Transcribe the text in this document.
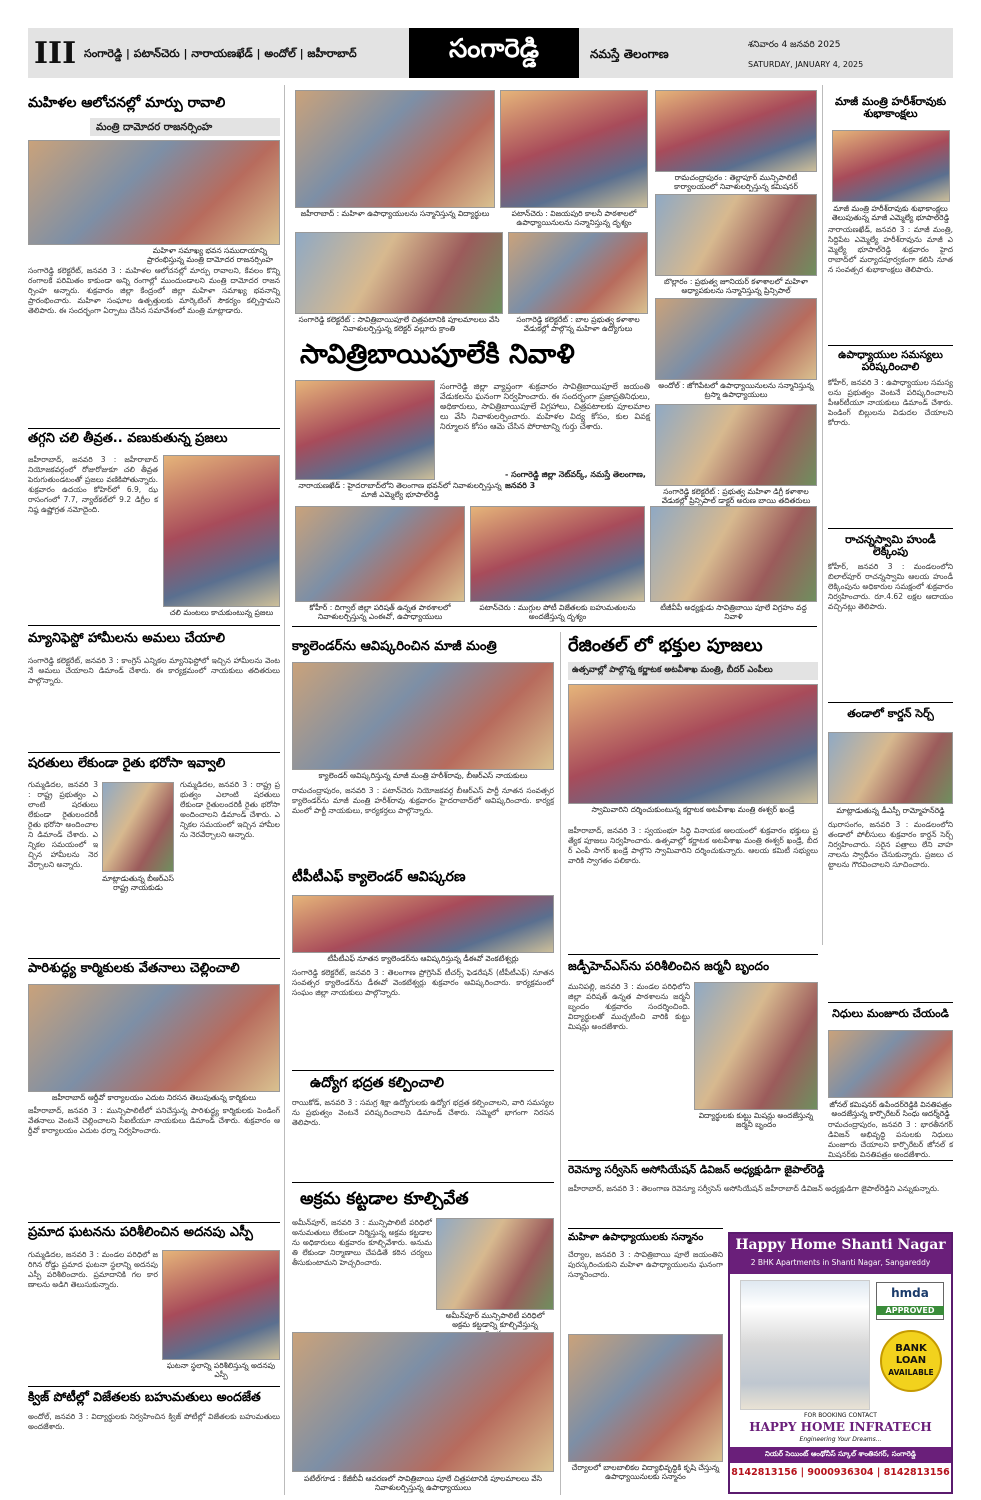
III సంగారెడ్డి | పటాన్‌చెరు | నారాయణఖేడ్ | అందోల్ | జహీరాబాద్	సంగారెడ్డి	నమస్తే తెలంగాణ
శనివారం 4 జనవరి 2025
SATURDAY, JANUARY 4, 2025
మహిళల ఆలోచనల్లో మార్పు రావాలి
మంత్రి దామోదర రాజనర్సింహ
మహిళా సమాఖ్య భవన సముదాయాన్ని ప్రారంభిస్తున్న మంత్రి దామోదర రాజనర్సింహ
సంగారెడ్డి కలెక్టరేట్, జనవరి 3 : మహిళల ఆలోచనల్లో మార్పు రావాలని, కేవలం కొన్ని రంగాలకే పరిమితం కాకుండా అన్ని రంగాల్లో ముందుండాలని మంత్రి దామోదర రాజనర్సింహ అన్నారు. శుక్రవారం జిల్లా కేంద్రంలో జిల్లా మహిళా సమాఖ్య భవనాన్ని ప్రారంభించారు. మహిళా సంఘాల ఉత్పత్తులకు మార్కెటింగ్ సౌకర్యం కల్పిస్తామని తెలిపారు. ఈ సందర్భంగా ఏర్పాటు చేసిన సమావేశంలో మంత్రి మాట్లాడారు.
తగ్గని చలి తీవ్రత.. వణుకుతున్న ప్రజలు
జహీరాబాద్, జనవరి 3 : జహీరాబాద్ నియోజకవర్గంలో రోజురోజుకూ చలి తీవ్రత పెరుగుతుండటంతో ప్రజలు వణికిపోతున్నారు. శుక్రవారం ఉదయం కోహిర్‌లో 6.9, ఝరాసంగంలో 7.7, న్యాల్‌కల్‌లో 9.2 డిగ్రీల కనిష్ఠ ఉష్ణోగ్రత నమోదైంది.
చలి మంటలు కాచుకుంటున్న ప్రజలు
మ్యానిఫెస్టో హామీలను అమలు చేయాలి
సంగారెడ్డి కలెక్టరేట్, జనవరి 3 : కాంగ్రెస్ ఎన్నికల మ్యానిఫెస్టోలో ఇచ్చిన హామీలను వెంటనే అమలు చేయాలని డిమాండ్ చేశారు. ఈ కార్యక్రమంలో నాయకులు తదితరులు పాల్గొన్నారు.
షరతులు లేకుండా రైతు భరోసా ఇవ్వాలి
గుమ్మడిదల, జనవరి 3 : రాష్ట్ర ప్రభుత్వం ఎలాంటి షరతులు లేకుండా రైతులందరికీ రైతు భరోసా అందించాలని డిమాండ్ చేశారు. ఎన్నికల సమయంలో ఇచ్చిన హామీలను నెరవేర్చాలని అన్నారు.
మాట్లాడుతున్న బీఆర్‌ఎస్ రాష్ట్ర నాయకుడు
గుమ్మడిదల, జనవరి 3 : రాష్ట్ర ప్రభుత్వం ఎలాంటి షరతులు లేకుండా రైతులందరికీ రైతు భరోసా అందించాలని డిమాండ్ చేశారు. ఎన్నికల సమయంలో ఇచ్చిన హామీలను నెరవేర్చాలని అన్నారు.
పారిశుద్ధ్య కార్మికులకు వేతనాలు చెల్లించాలి
జహీరాబాద్ ఆర్డీవో కార్యాలయం ఎదుట నిరసన తెలుపుతున్న కార్మికులు
జహీరాబాద్, జనవరి 3 : మున్సిపాలిటీలో పనిచేస్తున్న పారిశుద్ధ్య కార్మికులకు పెండింగ్ వేతనాలు వెంటనే చెల్లించాలని సీఐటీయూ నాయకులు డిమాండ్ చేశారు. శుక్రవారం ఆర్డీవో కార్యాలయం ఎదుట ధర్నా నిర్వహించారు.
ప్రమాద ఘటనను పరిశీలించిన అదనపు ఎస్పీ
గుమ్మడిదల, జనవరి 3 : మండల పరిధిలో జరిగిన రోడ్డు ప్రమాద ఘటనా స్థలాన్ని అదనపు ఎస్పీ పరిశీలించారు. ప్రమాదానికి గల కారణాలను అడిగి తెలుసుకున్నారు.
ఘటనా స్థలాన్ని పరిశీలిస్తున్న అదనపు ఎస్పీ
క్విజ్ పోటీల్లో విజేతలకు బహుమతులు అందజేత
అందోల్, జనవరి 3 : విద్యార్థులకు నిర్వహించిన క్విజ్ పోటీల్లో విజేతలకు బహుమతులు అందజేశారు.
జహీరాబాద్ : మహిళా ఉపాధ్యాయులను సన్మానిస్తున్న విద్యార్థులు	పటాన్‌చెరు : విజయపురి కాలనీ పాఠశాలలో ఉపాధ్యాయినులను సన్మానిస్తున్న దృశ్యం
సంగారెడ్డి కలెక్టరేట్ : సావిత్రిబాయిపూలే చిత్రపటానికి పూలమాలలు వేసి నివాళులర్పిస్తున్న కలెక్టర్ వల్లూరు క్రాంతి
సంగారెడ్డి కలెక్టరేట్ : బాల ప్రభుత్వ కళాశాల వేడుకల్లో పాల్గొన్న మహిళా ఉద్యోగులు
రామచంద్రాపురం : తెల్లాపూర్ మున్సిపాలిటీ కార్యాలయంలో నివాళులర్పిస్తున్న కమిషనర్
బొల్లారం : ప్రభుత్వ జూనియర్ కళాశాలలో మహిళా అధ్యాపకులను సన్మానిస్తున్న ప్రిన్సిపాల్
అందోల్ : జోగిపేటలో ఉపాధ్యాయినులను సన్మానిస్తున్న ట్రస్మా ఉపాధ్యాయులు
సావిత్రిబాయిపూలేకి నివాళి
సంగారెడ్డి జిల్లా వ్యాప్తంగా శుక్రవారం సావిత్రిబాయిపూలే జయంతి వేడుకలను ఘనంగా నిర్వహించారు. ఈ సందర్భంగా ప్రజాప్రతినిధులు, అధికారులు, సావిత్రిబాయిపూలే విగ్రహాలు, చిత్రపటాలకు పూలమాలలు వేసి నివాళులర్పించారు. మహిళల విద్య కోసం, కుల వివక్ష నిర్మూలన కోసం ఆమె చేసిన పోరాటాన్ని గుర్తు చేశారు.
- సంగారెడ్డి జిల్లా నెట్‌వర్క్, నమస్తే తెలంగాణ, జనవరి 3
నారాయణఖేడ్ : హైదరాబాద్‌లోని తెలంగాణ భవన్‌లో నివాళులర్పిస్తున్న మాజీ ఎమ్మెల్యే భూపాల్‌రెడ్డి	సంగారెడ్డి కలెక్టరేట్ : ప్రభుత్వ మహిళా డిగ్రీ కళాశాల వేడుకల్లో ప్రిన్సిపాల్ డాక్టర్ అరుణ బాయి తదితరులు
కోహీర్ : దిగ్వాల్ జిల్లా పరిషత్ ఉన్నత పాఠశాలలో నివాళులర్పిస్తున్న ఎంఈవో, ఉపాధ్యాయులు
పటాన్‌చెరు : ముగ్గుల పోటీ విజేతలకు బహుమతులను అందజేస్తున్న దృశ్యం
టీజీవీపీ అధ్యక్షుడు సావిత్రిబాయి పూలే విగ్రహం వద్ద నివాళి
క్యాలెండర్‌ను ఆవిష్కరించిన మాజీ మంత్రి
క్యాలెండర్ ఆవిష్కరిస్తున్న మాజీ మంత్రి హరీశ్‌రావు, బీఆర్‌ఎస్ నాయకులు
రామచంద్రాపురం, జనవరి 3 : పటాన్‌చెరు నియోజకవర్గ బీఆర్‌ఎస్ పార్టీ నూతన సంవత్సర క్యాలెండర్‌ను మాజీ మంత్రి హరీశ్‌రావు శుక్రవారం హైదరాబాద్‌లో ఆవిష్కరించారు. కార్యక్రమంలో పార్టీ నాయకులు, కార్యకర్తలు పాల్గొన్నారు.
టీపీటీఎఫ్ క్యాలెండర్ ఆవిష్కరణ
టీపీటీఎఫ్ నూతన క్యాలెండర్‌ను ఆవిష్కరిస్తున్న డీఈవో వెంకటేశ్వర్లు
సంగారెడ్డి కలెక్టరేట్, జనవరి 3 : తెలంగాణ ప్రోగ్రెసివ్ టీచర్స్ ఫెడరేషన్ (టీపీటీఎఫ్) నూతన సంవత్సర క్యాలెండర్‌ను డీఈవో వెంకటేశ్వర్లు శుక్రవారం ఆవిష్కరించారు. కార్యక్రమంలో సంఘం జిల్లా నాయకులు పాల్గొన్నారు.
ఉద్యోగ భద్రత కల్పించాలి
రాయికోడ్, జనవరి 3 : సమగ్ర శిక్షా ఉద్యోగులకు ఉద్యోగ భద్రత కల్పించాలని, వారి సమస్యలను ప్రభుత్వం వెంటనే పరిష్కరించాలని డిమాండ్ చేశారు. సమ్మెలో భాగంగా నిరసన తెలిపారు.
అక్రమ కట్టడాల కూల్చివేత
అమీన్‌పూర్, జనవరి 3 : మున్సిపాలిటీ పరిధిలో అనుమతులు లేకుండా నిర్మిస్తున్న అక్రమ కట్టడాలను అధికారులు శుక్రవారం కూల్చివేశారు. అనుమతి లేకుండా నిర్మాణాలు చేపడితే కఠిన చర్యలు తీసుకుంటామని హెచ్చరించారు.
అమీన్‌పూర్ మున్సిపాలిటీ పరిధిలో అక్రమ కట్టడాన్ని కూల్చివేస్తున్న
పటేల్‌గూడ : కేజీబీవీ ఆవరణలో సావిత్రిబాయి పూలే చిత్రపటానికి పూలమాలలు వేసి నివాళులర్పిస్తున్న ఉపాధ్యాయులు
రేజింతల్ లో భక్తుల పూజలు
ఉత్సవాల్లో పాల్గొన్న కర్ణాటక అటవీశాఖ మంత్రి, బీదర్ ఎంపీలు
స్వామివారిని దర్శించుకుంటున్న కర్ణాటక అటవీశాఖ మంత్రి ఈశ్వర్ ఖండ్రే
జహీరాబాద్, జనవరి 3 : స్వయంభూ సిద్ధి వినాయక ఆలయంలో శుక్రవారం భక్తులు ప్రత్యేక పూజలు నిర్వహించారు. ఉత్సవాల్లో కర్ణాటక అటవీశాఖ మంత్రి ఈశ్వర్ ఖండ్రే, బీదర్ ఎంపీ సాగర్ ఖండ్రే పాల్గొని స్వామివారిని దర్శించుకున్నారు. ఆలయ కమిటీ సభ్యులు వారికి స్వాగతం పలికారు.
జడ్పీహెచ్‌ఎస్‌ను పరిశీలించిన జర్మనీ బృందం
మునిపల్లి, జనవరి 3 : మండల పరిధిలోని జిల్లా పరిషత్ ఉన్నత పాఠశాలను జర్మనీ బృందం శుక్రవారం సందర్శించింది. విద్యార్థులతో ముచ్చటించి వారికి కుట్టు మిషన్లు అందజేశారు.
విద్యార్థులకు కుట్టు మిషన్లు అందజేస్తున్న జర్మనీ బృందం
రెవెన్యూ సర్వీసెస్ అసోసియేషన్ డివిజన్ అధ్యక్షుడిగా జైపాల్‌రెడ్డి
జహీరాబాద్, జనవరి 3 : తెలంగాణ రెవెన్యూ సర్వీసెస్ అసోసియేషన్ జహీరాబాద్ డివిజన్ అధ్యక్షుడిగా జైపాల్‌రెడ్డిని ఎన్నుకున్నారు.
మహిళా ఉపాధ్యాయులకు సన్మానం
చేర్యాల, జనవరి 3 : సావిత్రిబాయి పూలే జయంతిని పురస్కరించుకుని మహిళా ఉపాధ్యాయులను ఘనంగా సన్మానించారు.
చేర్యాలలో బాలబాలికల విద్యాభివృద్ధికి కృషి చేస్తున్న ఉపాధ్యాయినులకు సన్మానం
Happy Home Shanti Nagar
2 BHK Apartments in Shanti Nagar, Sangareddy
hmda
APPROVED
BANK
LOAN
AVAILABLE
FOR BOOKING CONTACT
HAPPY HOME INFRATECH
Engineering Your Dreams...
నియర్ సెయింట్ ఆంథోనీస్ స్కూల్ శాంతినగర్, సంగారెడ్డి
8142813156 | 9000936304 | 8142813156
మాజీ మంత్రి హరీశ్‌రావుకు శుభాకాంక్షలు
మాజీ మంత్రి హరీశ్‌రావుకు శుభాకాంక్షలు తెలుపుతున్న మాజీ ఎమ్మెల్యే భూపాల్‌రెడ్డి
నారాయణఖేడ్, జనవరి 3 : మాజీ మంత్రి, సిద్దిపేట ఎమ్మెల్యే హరీశ్‌రావును మాజీ ఎమ్మెల్యే భూపాల్‌రెడ్డి శుక్రవారం హైదరాబాద్‌లో మర్యాదపూర్వకంగా కలిసి నూతన సంవత్సర శుభాకాంక్షలు తెలిపారు.
ఉపాధ్యాయుల సమస్యలు పరిష్కరించాలి
కోహీర్, జనవరి 3 : ఉపాధ్యాయుల సమస్యలను ప్రభుత్వం వెంటనే పరిష్కరించాలని పీఆర్‌టీయూ నాయకులు డిమాండ్ చేశారు. పెండింగ్ బిల్లులను విడుదల చేయాలని కోరారు.
రాచన్నస్వామి హుండీ లెక్కింపు
కోహీర్, జనవరి 3 : మండలంలోని బిలాల్‌పూర్ రాచన్నస్వామి ఆలయ హుండీ లెక్కింపును అధికారుల సమక్షంలో శుక్రవారం నిర్వహించారు. రూ.4.62 లక్షల ఆదాయం వచ్చినట్లు తెలిపారు.
తండాలో కార్డన్ సెర్చ్
మాట్లాడుతున్న డీఎస్పీ రామ్మోహన్‌రెడ్డి
ఝరాసంగం, జనవరి 3 : మండలంలోని తండాలో పోలీసులు శుక్రవారం కార్డన్ సెర్చ్ నిర్వహించారు. సరైన పత్రాలు లేని వాహనాలను స్వాధీనం చేసుకున్నారు. ప్రజలు చట్టాలను గౌరవించాలని సూచించారు.
నిధులు మంజూరు చేయండి
జోనల్ కమిషనర్ ఉపేందర్‌రెడ్డికి వినతిపత్రం అందజేస్తున్న కార్పొరేటర్ సింధు ఆదర్శ్‌రెడ్డి
రామచంద్రాపురం, జనవరి 3 : భారతీనగర్ డివిజన్ అభివృద్ధి పనులకు నిధులు మంజూరు చేయాలని కార్పొరేటర్ జోనల్ కమిషనర్‌కు వినతిపత్రం అందజేశారు.
